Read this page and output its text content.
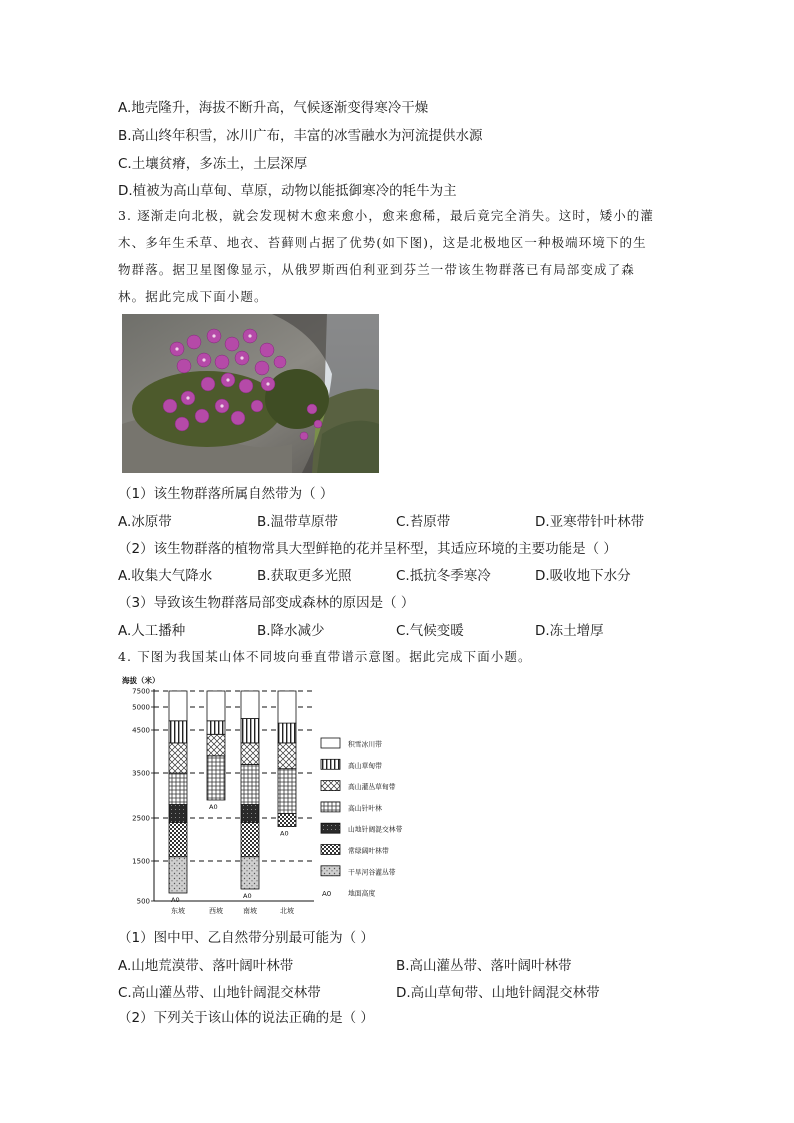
A.地壳隆升，海拔不断升高，气候逐渐变得寒冷干燥
B.高山终年积雪，冰川广布，丰富的冰雪融水为河流提供水源
C.土壤贫瘠，多冻土，土层深厚
D.植被为高山草甸、草原，动物以能抵御寒冷的牦牛为主
3. 逐渐走向北极，就会发现树木愈来愈小，愈来愈稀，最后竟完全消失。这时，矮小的灌
木、多年生禾草、地衣、苔藓则占据了优势(如下图)，这是北极地区一种极端环境下的生
物群落。据卫星图像显示，从俄罗斯西伯利亚到芬兰一带该生物群落已有局部变成了森
林。据此完成下面小题。
（1）该生物群落所属自然带为（ ）
A.冰原带	B.温带草原带	C.苔原带	D.亚寒带针叶林带
（2）该生物群落的植物常具大型鲜艳的花并呈杯型，其适应环境的主要功能是（ ）
A.收集大气降水	B.获取更多光照	C.抵抗冬季寒冷	D.吸收地下水分
（3）导致该生物群落局部变成森林的原因是（ ）
A.人工播种	B.降水减少	C.气候变暖	D.冻土增厚
4. 下图为我国某山体不同坡向垂直带谱示意图。据此完成下面小题。
海拔（米）
500
1500
2500
3500
4500
5000
7500
A0
东坡
A0
西坡
A0
南坡
A0
北坡
积雪冰川带
高山草甸带
高山灌丛草甸带
高山针叶林
山地针阔混交林带
常绿阔叶林带
干旱河谷灌丛带
A0 地面高度
（1）图中甲、乙自然带分别最可能为（ ）
A.山地荒漠带、落叶阔叶林带	B.高山灌丛带、落叶阔叶林带
C.高山灌丛带、山地针阔混交林带	D.高山草甸带、山地针阔混交林带
（2）下列关于该山体的说法正确的是（ ）
